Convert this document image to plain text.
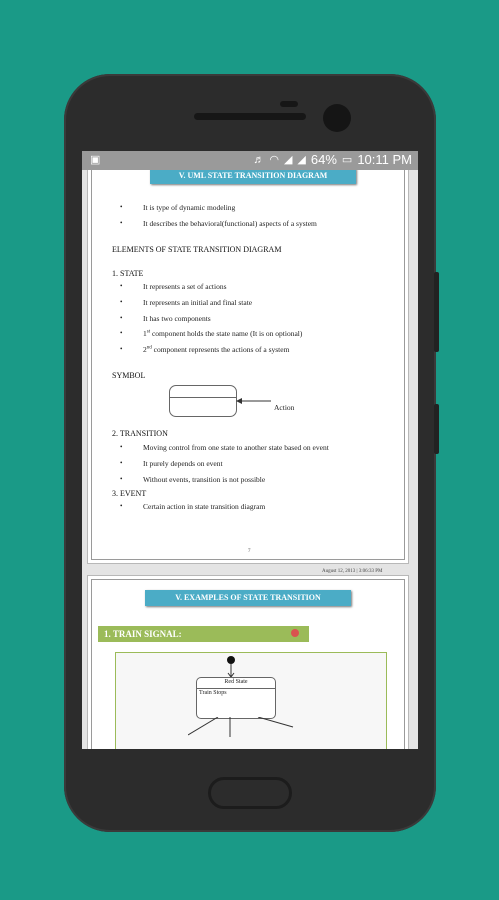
V. UML STATE TRANSITION DIAGRAM
•	It is type of dynamic modeling
•	It describes the behavioral(functional) aspects of a system
ELEMENTS OF STATE TRANSITION DIAGRAM
1. STATE
•	It represents a set of actions
•	It represents an initial and final state
•	It has two components
•	1st component holds the state name (It is on optional)
•	2nd component represents the actions of a system
SYMBOL
Action
2. TRANSITION
•	Moving control from one state to another state based on event
•	It purely depends on event
•	Without events, transition is not possible
3. EVENT
•	Certain action in state transition diagram
7
August 12, 2013 | 3:06:33 PM
V. EXAMPLES OF STATE TRANSITION
1. TRAIN SIGNAL:
Red State
Train Stops
▣	♬ ◠ ◢ ◢ 64% ▭ 10:11 PM
